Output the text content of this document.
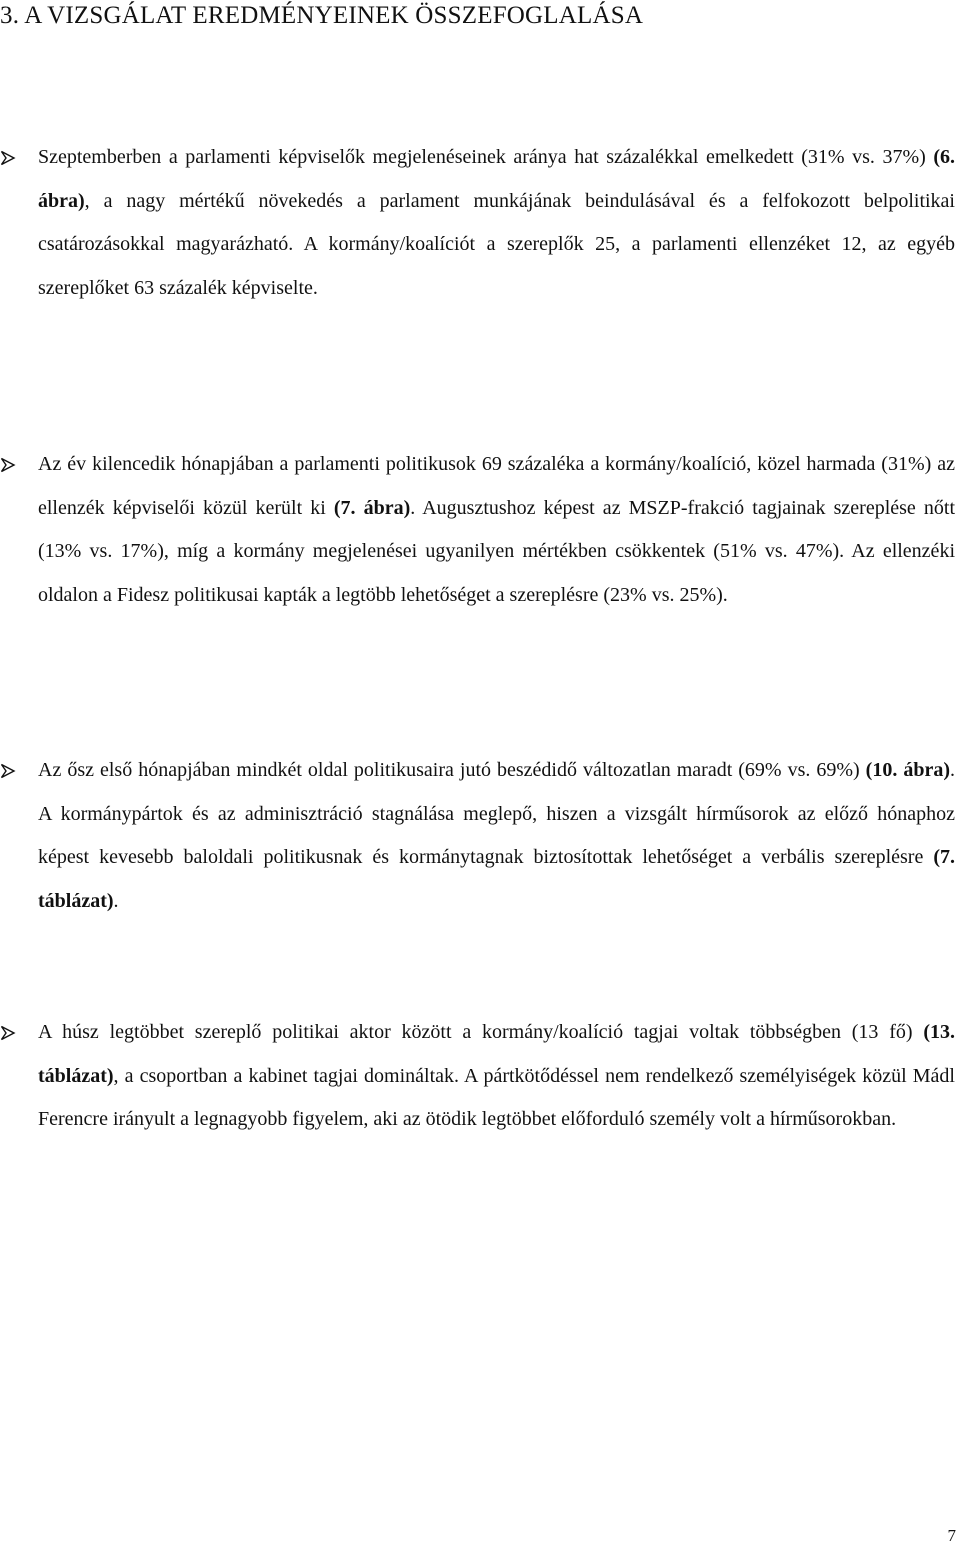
3. A VIZSGÁLAT EREDMÉNYEINEK ÖSSZEFOGLALÁSA

Szeptemberben a parlamenti képviselők megjelenéseinek aránya hat százalékkal emelkedett (31% vs. 37%) (6. ábra), a nagy mértékű növekedés a parlament munkájának beindulásával és a felfokozott belpolitikai csatározásokkal magyarázható. A kormány/koalíciót a szereplők 25, a parlamenti ellenzéket 12, az egyéb szereplőket 63 százalék képviselte.

Az év kilencedik hónapjában a parlamenti politikusok 69 százaléka a kormány/koalíció, közel harmada (31%) az ellenzék képviselői közül került ki (7. ábra). Augusztushoz képest az MSZP-frakció tagjainak szereplése nőtt (13% vs. 17%), míg a kormány megjelenései ugyanilyen mértékben csökkentek (51% vs. 47%). Az ellenzéki oldalon a Fidesz politikusai kapták a legtöbb lehetőséget a szereplésre (23% vs. 25%).

Az ősz első hónapjában mindkét oldal politikusaira jutó beszédidő változatlan maradt (69% vs. 69%) (10. ábra). A kormánypártok és az adminisztráció stagnálása meglepő, hiszen a vizsgált hírműsorok az előző hónaphoz képest kevesebb baloldali politikusnak és kormánytagnak biztosítottak lehetőséget a verbális szereplésre (7. táblázat).

A húsz legtöbbet szereplő politikai aktor között a kormány/koalíció tagjai voltak többségben (13 fő) (13. táblázat), a csoportban a kabinet tagjai domináltak. A pártkötődéssel nem rendelkező személyiségek közül Mádl Ferencre irányult a legnagyobb figyelem, aki az ötödik legtöbbet előforduló személy volt a hírműsorokban.

7
